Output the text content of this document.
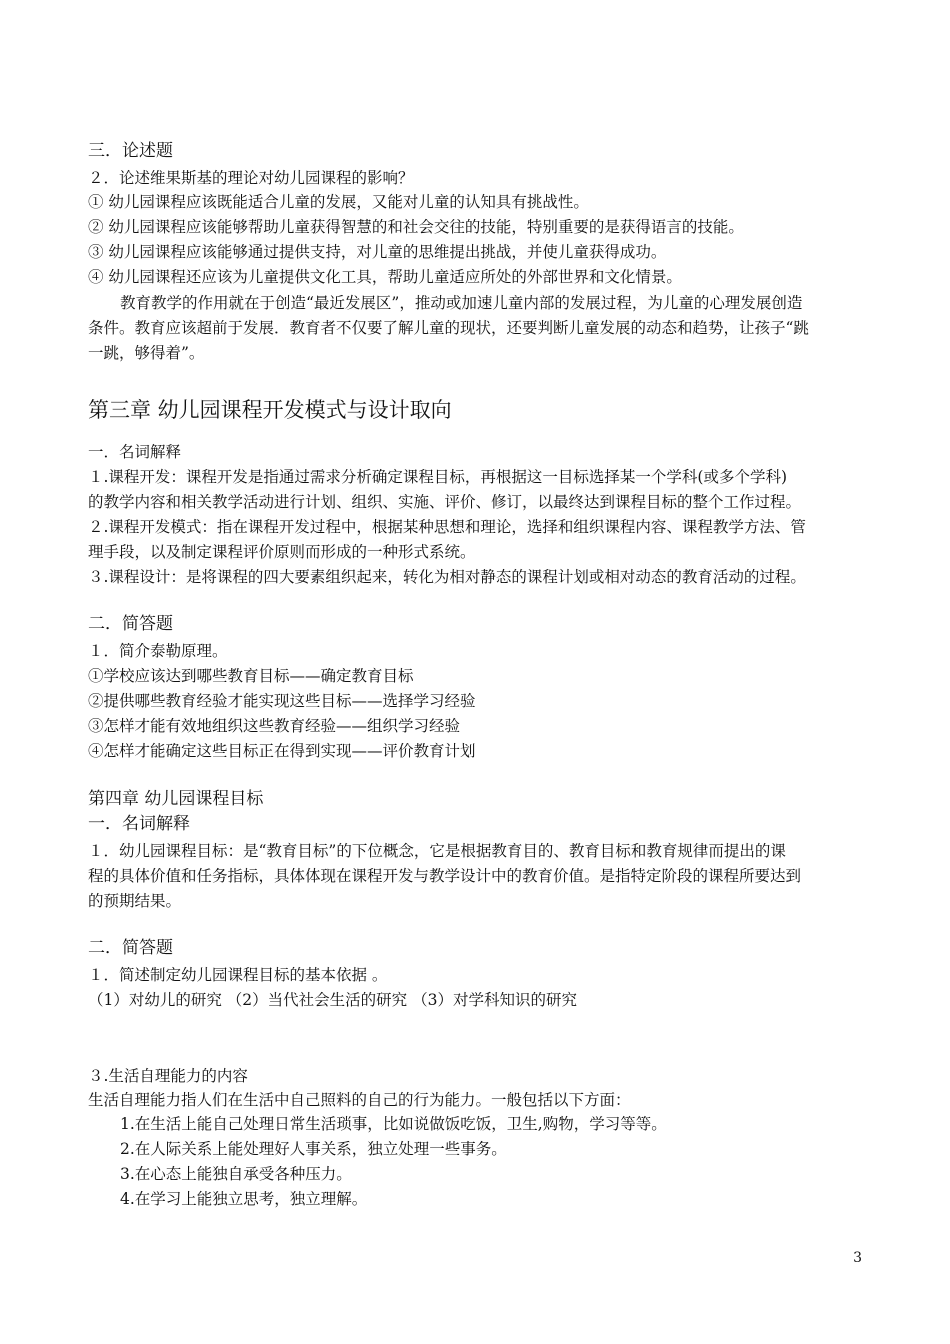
三．论述题
２．论述维果斯基的理论对幼儿园课程的影响？
① 幼儿园课程应该既能适合儿童的发展，又能对儿童的认知具有挑战性。
② 幼儿园课程应该能够帮助儿童获得智慧的和社会交往的技能，特别重要的是获得语言的技能。
③ 幼儿园课程应该能够通过提供支持，对儿童的思维提出挑战，并使儿童获得成功。
④ 幼儿园课程还应该为儿童提供文化工具，帮助儿童适应所处的外部世界和文化情景。
教育教学的作用就在于创造“最近发展区”，推动或加速儿童内部的发展过程，为儿童的心理发展创造
条件。教育应该超前于发展．教育者不仅要了解儿童的现状，还要判断儿童发展的动态和趋势，让孩子“跳
一跳，够得着”。
第三章 幼儿园课程开发模式与设计取向
一．名词解释
１.课程开发：课程开发是指通过需求分析确定课程目标，再根据这一目标选择某一个学科(或多个学科)
的教学内容和相关教学活动进行计划、组织、实施、评价、修订，以最终达到课程目标的整个工作过程。
２.课程开发模式：指在课程开发过程中，根据某种思想和理论，选择和组织课程内容、课程教学方法、管
理手段，以及制定课程评价原则而形成的一种形式系统。
３.课程设计：是将课程的四大要素组织起来，转化为相对静态的课程计划或相对动态的教育活动的过程。
二．简答题
１．简介泰勒原理。
①学校应该达到哪些教育目标——确定教育目标
②提供哪些教育经验才能实现这些目标——选择学习经验
③怎样才能有效地组织这些教育经验——组织学习经验
④怎样才能确定这些目标正在得到实现——评价教育计划
第四章 幼儿园课程目标
一．名词解释
１．幼儿园课程目标：是“教育目标”的下位概念，它是根据教育目的、教育目标和教育规律而提出的课
程的具体价值和任务指标，具体体现在课程开发与教学设计中的教育价值。是指特定阶段的课程所要达到
的预期结果。
二．简答题
１．简述制定幼儿园课程目标的基本依据 。
（1）对幼儿的研究 （2）当代社会生活的研究 （3）对学科知识的研究
３.生活自理能力的内容
生活自理能力指人们在生活中自己照料的自己的行为能力。一般包括以下方面：
1.在生活上能自己处理日常生活琐事，比如说做饭吃饭，卫生,购物，学习等等。
2.在人际关系上能处理好人事关系，独立处理一些事务。
3.在心态上能独自承受各种压力。
4.在学习上能独立思考，独立理解。
3
